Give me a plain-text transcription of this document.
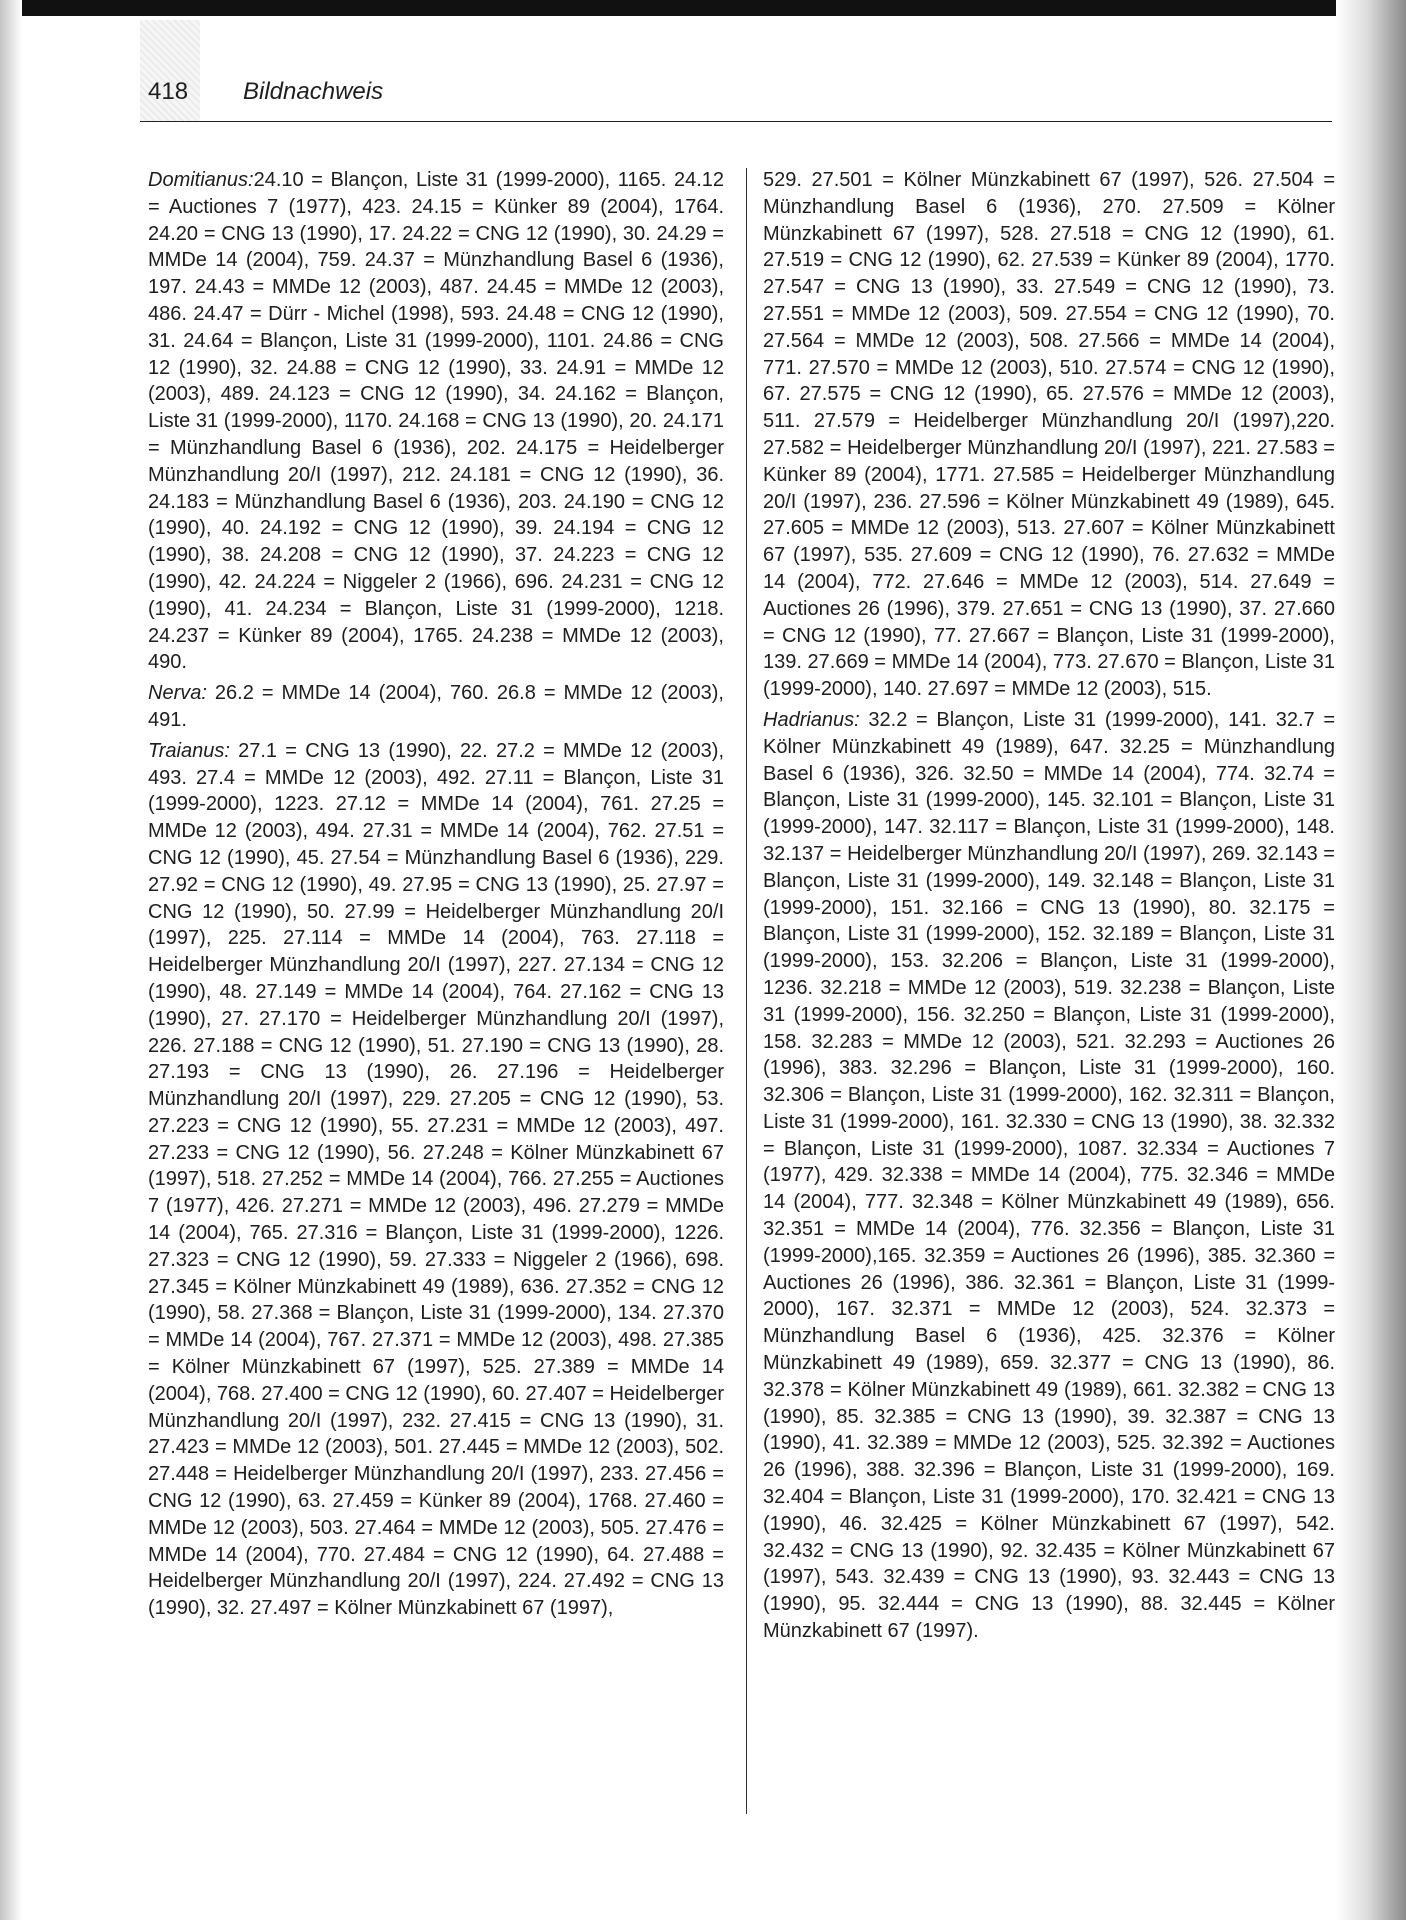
418 Bildnachweis

Domitianus:24.10 = Blançon, Liste 31 (1999-2000), 1165. 24.12 = Auctiones 7 (1977), 423. 24.15 = Künker 89 (2004), 1764. 24.20 = CNG 13 (1990), 17. 24.22 = CNG 12 (1990), 30. 24.29 = MMDe 14 (2004), 759. 24.37 = Münzhandlung Basel 6 (1936), 197. 24.43 = MMDe 12 (2003), 487. 24.45 = MMDe 12 (2003), 486. 24.47 = Dürr - Michel (1998), 593. 24.48 = CNG 12 (1990), 31. 24.64 = Blançon, Liste 31 (1999-2000), 1101. 24.86 = CNG 12 (1990), 32. 24.88 = CNG 12 (1990), 33. 24.91 = MMDe 12 (2003), 489. 24.123 = CNG 12 (1990), 34. 24.162 = Blançon, Liste 31 (1999-2000), 1170. 24.168 = CNG 13 (1990), 20. 24.171 = Münzhandlung Basel 6 (1936), 202. 24.175 = Heidelberger Münzhandlung 20/I (1997), 212. 24.181 = CNG 12 (1990), 36. 24.183 = Münzhandlung Basel 6 (1936), 203. 24.190 = CNG 12 (1990), 40. 24.192 = CNG 12 (1990), 39. 24.194 = CNG 12 (1990), 38. 24.208 = CNG 12 (1990), 37. 24.223 = CNG 12 (1990), 42. 24.224 = Niggeler 2 (1966), 696. 24.231 = CNG 12 (1990), 41. 24.234 = Blançon, Liste 31 (1999-2000), 1218. 24.237 = Künker 89 (2004), 1765. 24.238 = MMDe 12 (2003), 490.

Nerva: 26.2 = MMDe 14 (2004), 760. 26.8 = MMDe 12 (2003), 491.

Traianus: 27.1 = CNG 13 (1990), 22. 27.2 = MMDe 12 (2003), 493. 27.4 = MMDe 12 (2003), 492. 27.11 = Blançon, Liste 31 (1999-2000), 1223. 27.12 = MMDe 14 (2004), 761. 27.25 = MMDe 12 (2003), 494. 27.31 = MMDe 14 (2004), 762. 27.51 = CNG 12 (1990), 45. 27.54 = Münzhandlung Basel 6 (1936), 229. 27.92 = CNG 12 (1990), 49. 27.95 = CNG 13 (1990), 25. 27.97 = CNG 12 (1990), 50. 27.99 = Heidelberger Münzhandlung 20/I (1997), 225. 27.114 = MMDe 14 (2004), 763. 27.118 = Heidelberger Münzhandlung 20/I (1997), 227. 27.134 = CNG 12 (1990), 48. 27.149 = MMDe 14 (2004), 764. 27.162 = CNG 13 (1990), 27. 27.170 = Heidelberger Münzhandlung 20/I (1997), 226. 27.188 = CNG 12 (1990), 51. 27.190 = CNG 13 (1990), 28. 27.193 = CNG 13 (1990), 26. 27.196 = Heidelberger Münzhandlung 20/I (1997), 229. 27.205 = CNG 12 (1990), 53. 27.223 = CNG 12 (1990), 55. 27.231 = MMDe 12 (2003), 497. 27.233 = CNG 12 (1990), 56. 27.248 = Kölner Münzkabinett 67 (1997), 518. 27.252 = MMDe 14 (2004), 766. 27.255 = Auctiones 7 (1977), 426. 27.271 = MMDe 12 (2003), 496. 27.279 = MMDe 14 (2004), 765. 27.316 = Blançon, Liste 31 (1999-2000), 1226. 27.323 = CNG 12 (1990), 59. 27.333 = Niggeler 2 (1966), 698. 27.345 = Kölner Münzkabinett 49 (1989), 636. 27.352 = CNG 12 (1990), 58. 27.368 = Blançon, Liste 31 (1999-2000), 134. 27.370 = MMDe 14 (2004), 767. 27.371 = MMDe 12 (2003), 498. 27.385 = Kölner Münzkabinett 67 (1997), 525. 27.389 = MMDe 14 (2004), 768. 27.400 = CNG 12 (1990), 60. 27.407 = Heidelberger Münzhandlung 20/I (1997), 232. 27.415 = CNG 13 (1990), 31. 27.423 = MMDe 12 (2003), 501. 27.445 = MMDe 12 (2003), 502. 27.448 = Heidelberger Münzhandlung 20/I (1997), 233. 27.456 = CNG 12 (1990), 63. 27.459 = Künker 89 (2004), 1768. 27.460 = MMDe 12 (2003), 503. 27.464 = MMDe 12 (2003), 505. 27.476 = MMDe 14 (2004), 770. 27.484 = CNG 12 (1990), 64. 27.488 = Heidelberger Münzhandlung 20/I (1997), 224. 27.492 = CNG 13 (1990), 32. 27.497 = Kölner Münzkabinett 67 (1997),

529. 27.501 = Kölner Münzkabinett 67 (1997), 526. 27.504 = Münzhandlung Basel 6 (1936), 270. 27.509 = Kölner Münzkabinett 67 (1997), 528. 27.518 = CNG 12 (1990), 61. 27.519 = CNG 12 (1990), 62. 27.539 = Künker 89 (2004), 1770. 27.547 = CNG 13 (1990), 33. 27.549 = CNG 12 (1990), 73. 27.551 = MMDe 12 (2003), 509. 27.554 = CNG 12 (1990), 70. 27.564 = MMDe 12 (2003), 508. 27.566 = MMDe 14 (2004), 771. 27.570 = MMDe 12 (2003), 510. 27.574 = CNG 12 (1990), 67. 27.575 = CNG 12 (1990), 65. 27.576 = MMDe 12 (2003), 511. 27.579 = Heidelberger Münzhandlung 20/I (1997),220. 27.582 = Heidelberger Münzhandlung 20/I (1997), 221. 27.583 = Künker 89 (2004), 1771. 27.585 = Heidelberger Münzhandlung 20/I (1997), 236. 27.596 = Kölner Münzkabinett 49 (1989), 645. 27.605 = MMDe 12 (2003), 513. 27.607 = Kölner Münzkabinett 67 (1997), 535. 27.609 = CNG 12 (1990), 76. 27.632 = MMDe 14 (2004), 772. 27.646 = MMDe 12 (2003), 514. 27.649 = Auctiones 26 (1996), 379. 27.651 = CNG 13 (1990), 37. 27.660 = CNG 12 (1990), 77. 27.667 = Blançon, Liste 31 (1999-2000), 139. 27.669 = MMDe 14 (2004), 773. 27.670 = Blançon, Liste 31 (1999-2000), 140. 27.697 = MMDe 12 (2003), 515.

Hadrianus: 32.2 = Blançon, Liste 31 (1999-2000), 141. 32.7 = Kölner Münzkabinett 49 (1989), 647. 32.25 = Münzhandlung Basel 6 (1936), 326. 32.50 = MMDe 14 (2004), 774. 32.74 = Blançon, Liste 31 (1999-2000), 145. 32.101 = Blançon, Liste 31 (1999-2000), 147. 32.117 = Blançon, Liste 31 (1999-2000), 148. 32.137 = Heidelberger Münzhandlung 20/I (1997), 269. 32.143 = Blançon, Liste 31 (1999-2000), 149. 32.148 = Blançon, Liste 31 (1999-2000), 151. 32.166 = CNG 13 (1990), 80. 32.175 = Blançon, Liste 31 (1999-2000), 152. 32.189 = Blançon, Liste 31 (1999-2000), 153. 32.206 = Blançon, Liste 31 (1999-2000), 1236. 32.218 = MMDe 12 (2003), 519. 32.238 = Blançon, Liste 31 (1999-2000), 156. 32.250 = Blançon, Liste 31 (1999-2000), 158. 32.283 = MMDe 12 (2003), 521. 32.293 = Auctiones 26 (1996), 383. 32.296 = Blançon, Liste 31 (1999-2000), 160. 32.306 = Blançon, Liste 31 (1999-2000), 162. 32.311 = Blançon, Liste 31 (1999-2000), 161. 32.330 = CNG 13 (1990), 38. 32.332 = Blançon, Liste 31 (1999-2000), 1087. 32.334 = Auctiones 7 (1977), 429. 32.338 = MMDe 14 (2004), 775. 32.346 = MMDe 14 (2004), 777. 32.348 = Kölner Münzkabinett 49 (1989), 656. 32.351 = MMDe 14 (2004), 776. 32.356 = Blançon, Liste 31 (1999-2000),165. 32.359 = Auctiones 26 (1996), 385. 32.360 = Auctiones 26 (1996), 386. 32.361 = Blançon, Liste 31 (1999-2000), 167. 32.371 = MMDe 12 (2003), 524. 32.373 = Münzhandlung Basel 6 (1936), 425. 32.376 = Kölner Münzkabinett 49 (1989), 659. 32.377 = CNG 13 (1990), 86. 32.378 = Kölner Münzkabinett 49 (1989), 661. 32.382 = CNG 13 (1990), 85. 32.385 = CNG 13 (1990), 39. 32.387 = CNG 13 (1990), 41. 32.389 = MMDe 12 (2003), 525. 32.392 = Auctiones 26 (1996), 388. 32.396 = Blançon, Liste 31 (1999-2000), 169. 32.404 = Blançon, Liste 31 (1999-2000), 170. 32.421 = CNG 13 (1990), 46. 32.425 = Kölner Münzkabinett 67 (1997), 542. 32.432 = CNG 13 (1990), 92. 32.435 = Kölner Münzkabinett 67 (1997), 543. 32.439 = CNG 13 (1990), 93. 32.443 = CNG 13 (1990), 95. 32.444 = CNG 13 (1990), 88. 32.445 = Kölner Münzkabinett 67 (1997).
